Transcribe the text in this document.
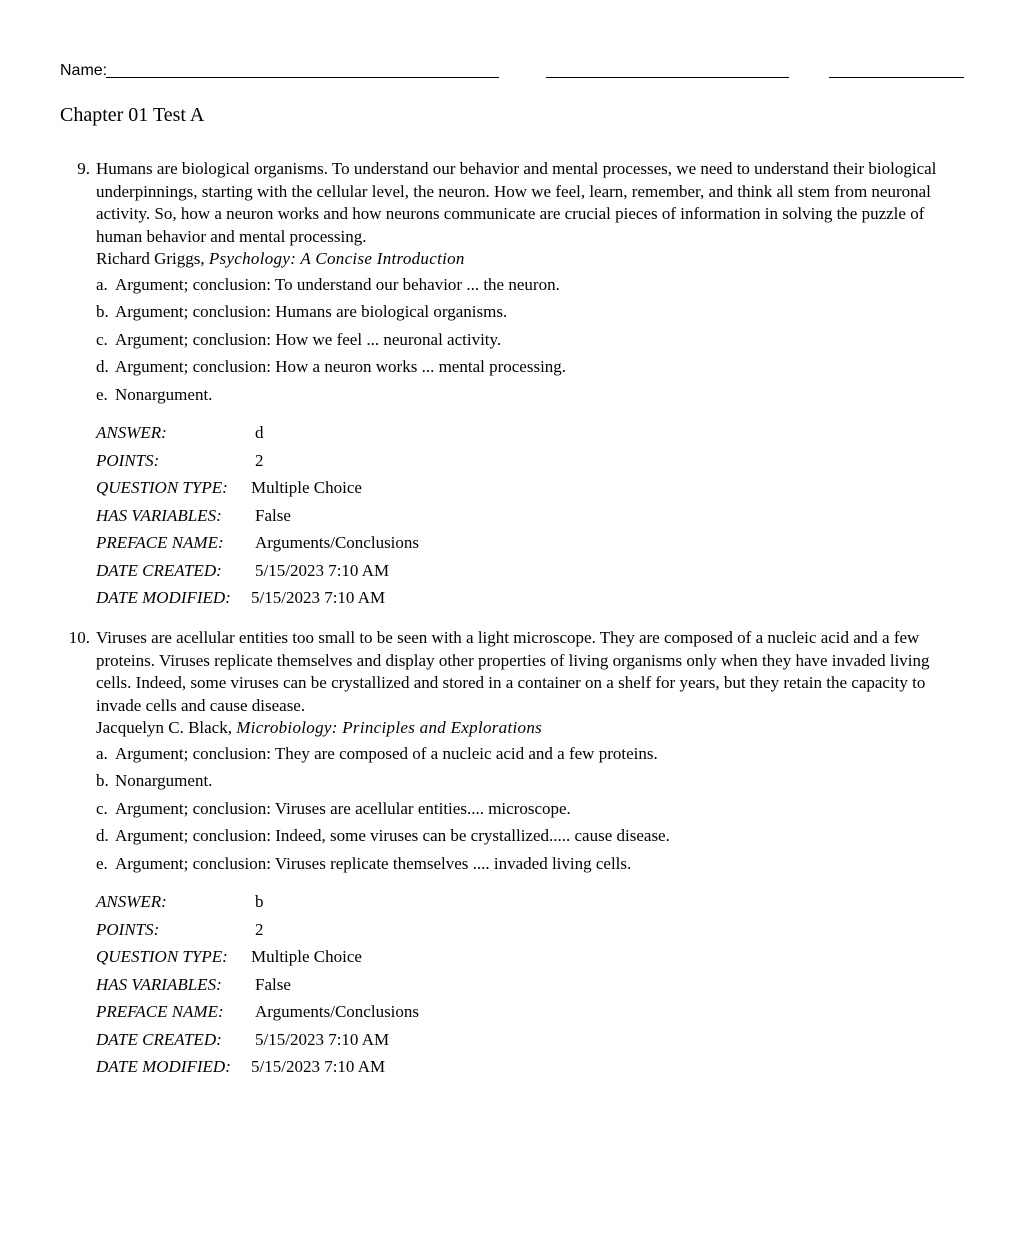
Name:
Chapter 01 Test A
9. Humans are biological organisms. To understand our behavior and mental processes, we need to understand their biological underpinnings, starting with the cellular level, the neuron. How we feel, learn, remember, and think all stem from neuronal activity. So, how a neuron works and how neurons communicate are crucial pieces of information in solving the puzzle of human behavior and mental processing.

Richard Griggs, Psychology: A Concise Introduction

a. Argument; conclusion: To understand our behavior ... the neuron.
b. Argument; conclusion: Humans are biological organisms.
c. Argument; conclusion: How we feel ... neuronal activity.
d. Argument; conclusion: How a neuron works ... mental processing.
e. Nonargument.
ANSWER:	d
POINTS:	2
QUESTION TYPE: Multiple Choice
HAS VARIABLES: False
PREFACE NAME: Arguments/Conclusions
DATE CREATED: 5/15/2023 7:10 AM
DATE MODIFIED: 5/15/2023 7:10 AM
10. Viruses are acellular entities too small to be seen with a light microscope. They are composed of a nucleic acid and a few proteins. Viruses replicate themselves and display other properties of living organisms only when they have invaded living cells. Indeed, some viruses can be crystallized and stored in a container on a shelf for years, but they retain the capacity to invade cells and cause disease.

Jacquelyn C. Black, Microbiology: Principles and Explorations

a. Argument; conclusion: They are composed of a nucleic acid and a few proteins.
b. Nonargument.
c. Argument; conclusion: Viruses are acellular entities.... microscope.
d. Argument; conclusion: Indeed, some viruses can be crystallized..... cause disease.
e. Argument; conclusion: Viruses replicate themselves .... invaded living cells.
ANSWER:	b
POINTS:	2
QUESTION TYPE: Multiple Choice
HAS VARIABLES: False
PREFACE NAME: Arguments/Conclusions
DATE CREATED: 5/15/2023 7:10 AM
DATE MODIFIED: 5/15/2023 7:10 AM
